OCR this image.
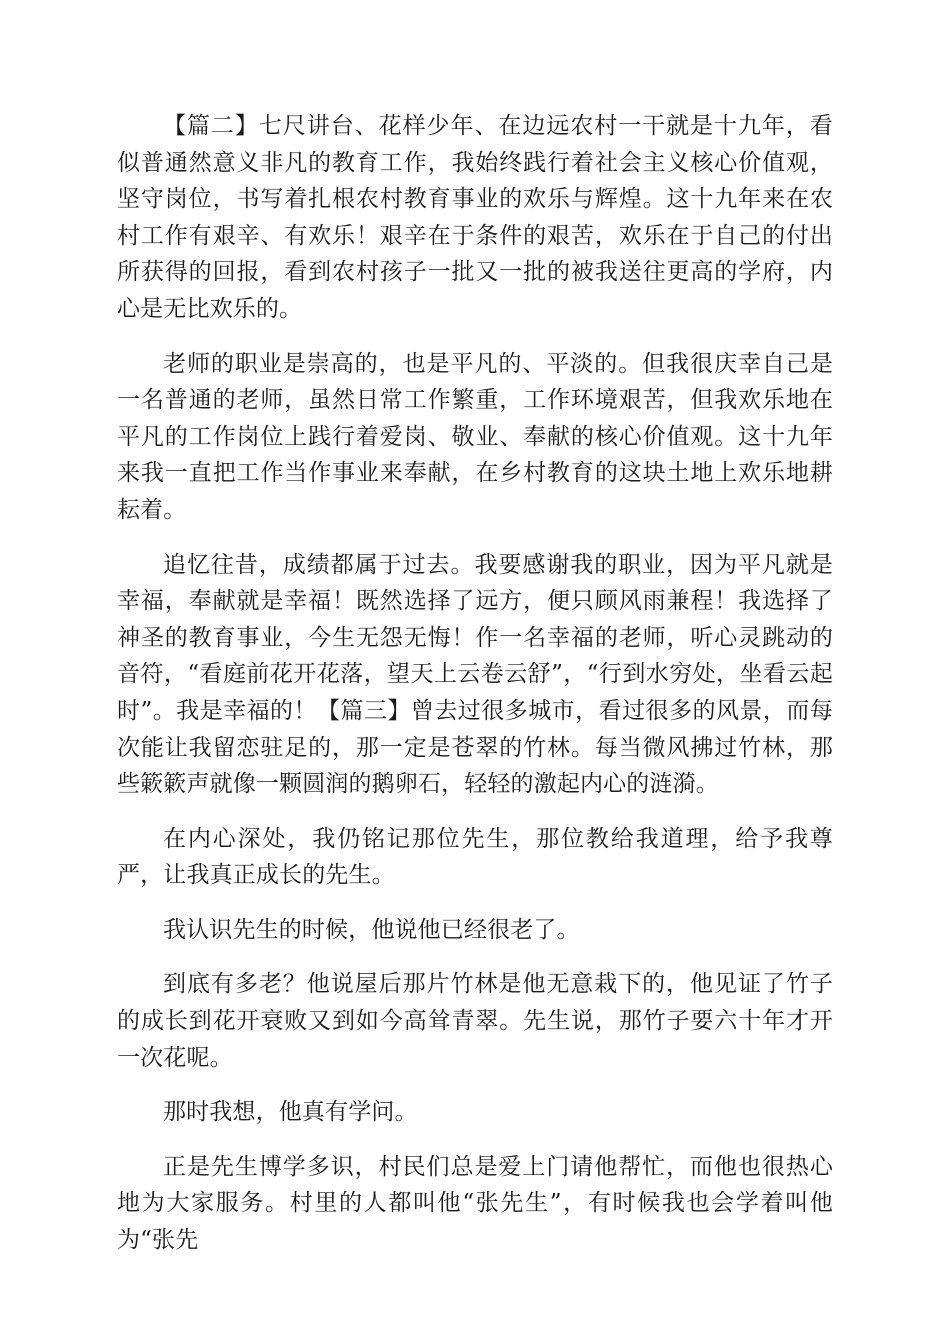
【篇二】七尺讲台、花样少年、在边远农村一干就是十九年，看似普通然意义非凡的教育工作，我始终践行着社会主义核心价值观，坚守岗位，书写着扎根农村教育事业的欢乐与辉煌。这十九年来在农村工作有艰辛、有欢乐！艰辛在于条件的艰苦，欢乐在于自己的付出所获得的回报，看到农村孩子一批又一批的被我送往更高的学府，内心是无比欢乐的。

老师的职业是崇高的，也是平凡的、平淡的。但我很庆幸自己是一名普通的老师，虽然日常工作繁重，工作环境艰苦，但我欢乐地在平凡的工作岗位上践行着爱岗、敬业、奉献的核心价值观。这十九年来我一直把工作当作事业来奉献，在乡村教育的这块土地上欢乐地耕耘着。

追忆往昔，成绩都属于过去。我要感谢我的职业，因为平凡就是幸福，奉献就是幸福！既然选择了远方，便只顾风雨兼程！我选择了神圣的教育事业，今生无怨无悔！作一名幸福的老师，听心灵跳动的音符，“看庭前花开花落，望天上云卷云舒”，“行到水穷处，坐看云起时”。我是幸福的！【篇三】曾去过很多城市，看过很多的风景，而每次能让我留恋驻足的，那一定是苍翠的竹林。每当微风拂过竹林，那些簌簌声就像一颗圆润的鹅卵石，轻轻的激起内心的涟漪。

在内心深处，我仍铭记那位先生，那位教给我道理，给予我尊严，让我真正成长的先生。

我认识先生的时候，他说他已经很老了。

到底有多老？他说屋后那片竹林是他无意栽下的，他见证了竹子的成长到花开衰败又到如今高耸青翠。先生说，那竹子要六十年才开一次花呢。

那时我想，他真有学问。

正是先生博学多识，村民们总是爱上门请他帮忙，而他也很热心地为大家服务。村里的人都叫他“张先生”，有时候我也会学着叫他为“张先
